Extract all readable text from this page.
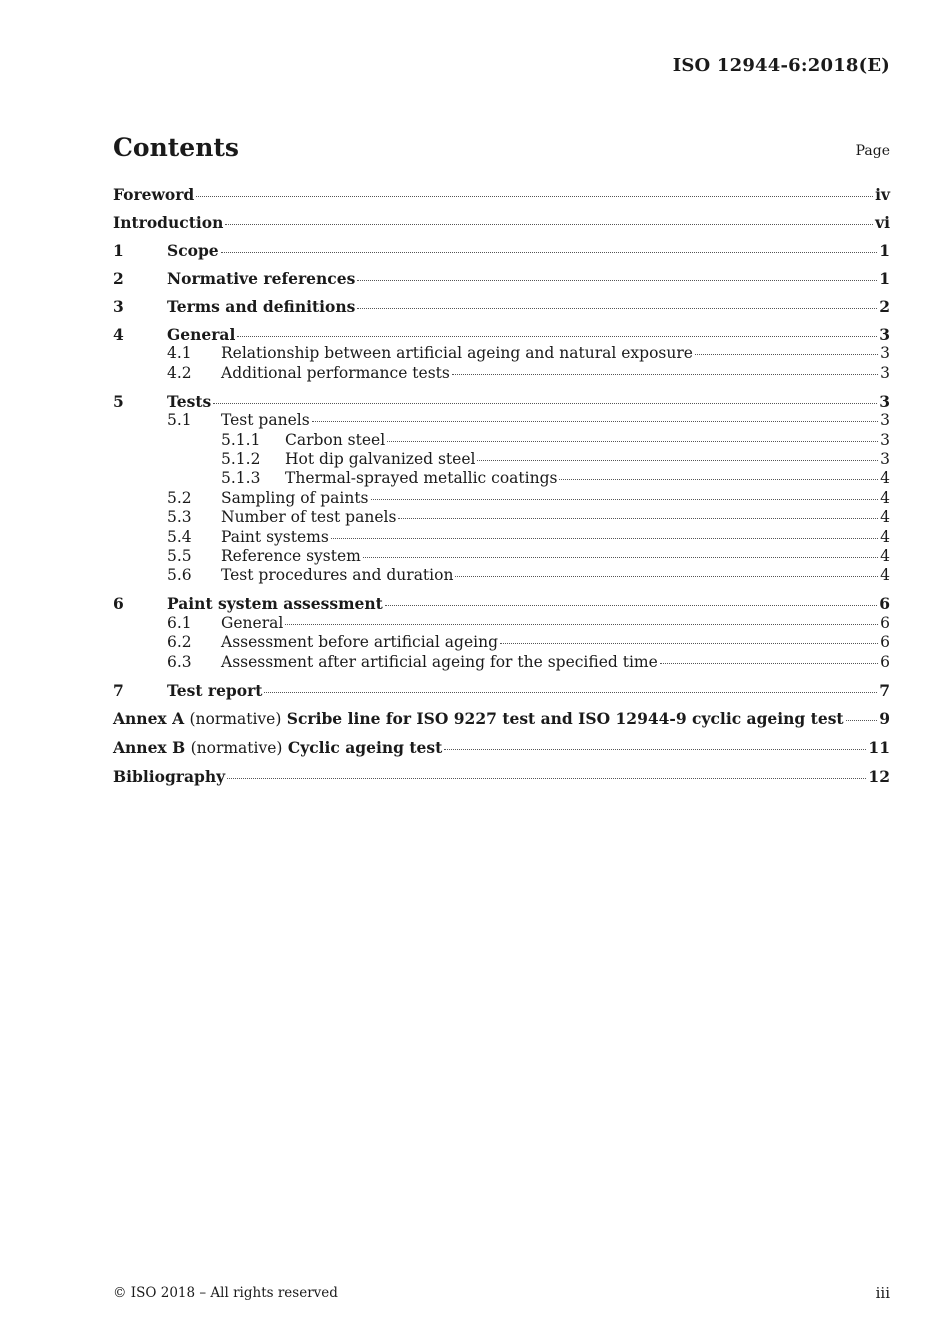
ISO 12944-6:2018(E)
Contents	Page
Foreword	iv
Introduction	vi
1	Scope	1
2	Normative references	1
3	Terms and definitions	2
4	General	3
4.1	Relationship between artificial ageing and natural exposure	3
4.2	Additional performance tests	3
5	Tests	3
5.1	Test panels	3
5.1.1	Carbon steel	3
5.1.2	Hot dip galvanized steel	3
5.1.3	Thermal-sprayed metallic coatings	4
5.2	Sampling of paints	4
5.3	Number of test panels	4
5.4	Paint systems	4
5.5	Reference system	4
5.6	Test procedures and duration	4
6	Paint system assessment	6
6.1	General	6
6.2	Assessment before artificial ageing	6
6.3	Assessment after artificial ageing for the specified time	6
7	Test report	7
Annex A (normative) Scribe line for ISO 9227 test and ISO 12944-9 cyclic ageing test 9
Annex B (normative) Cyclic ageing test	11
Bibliography	12
© ISO 2018 – All rights reserved	iii
